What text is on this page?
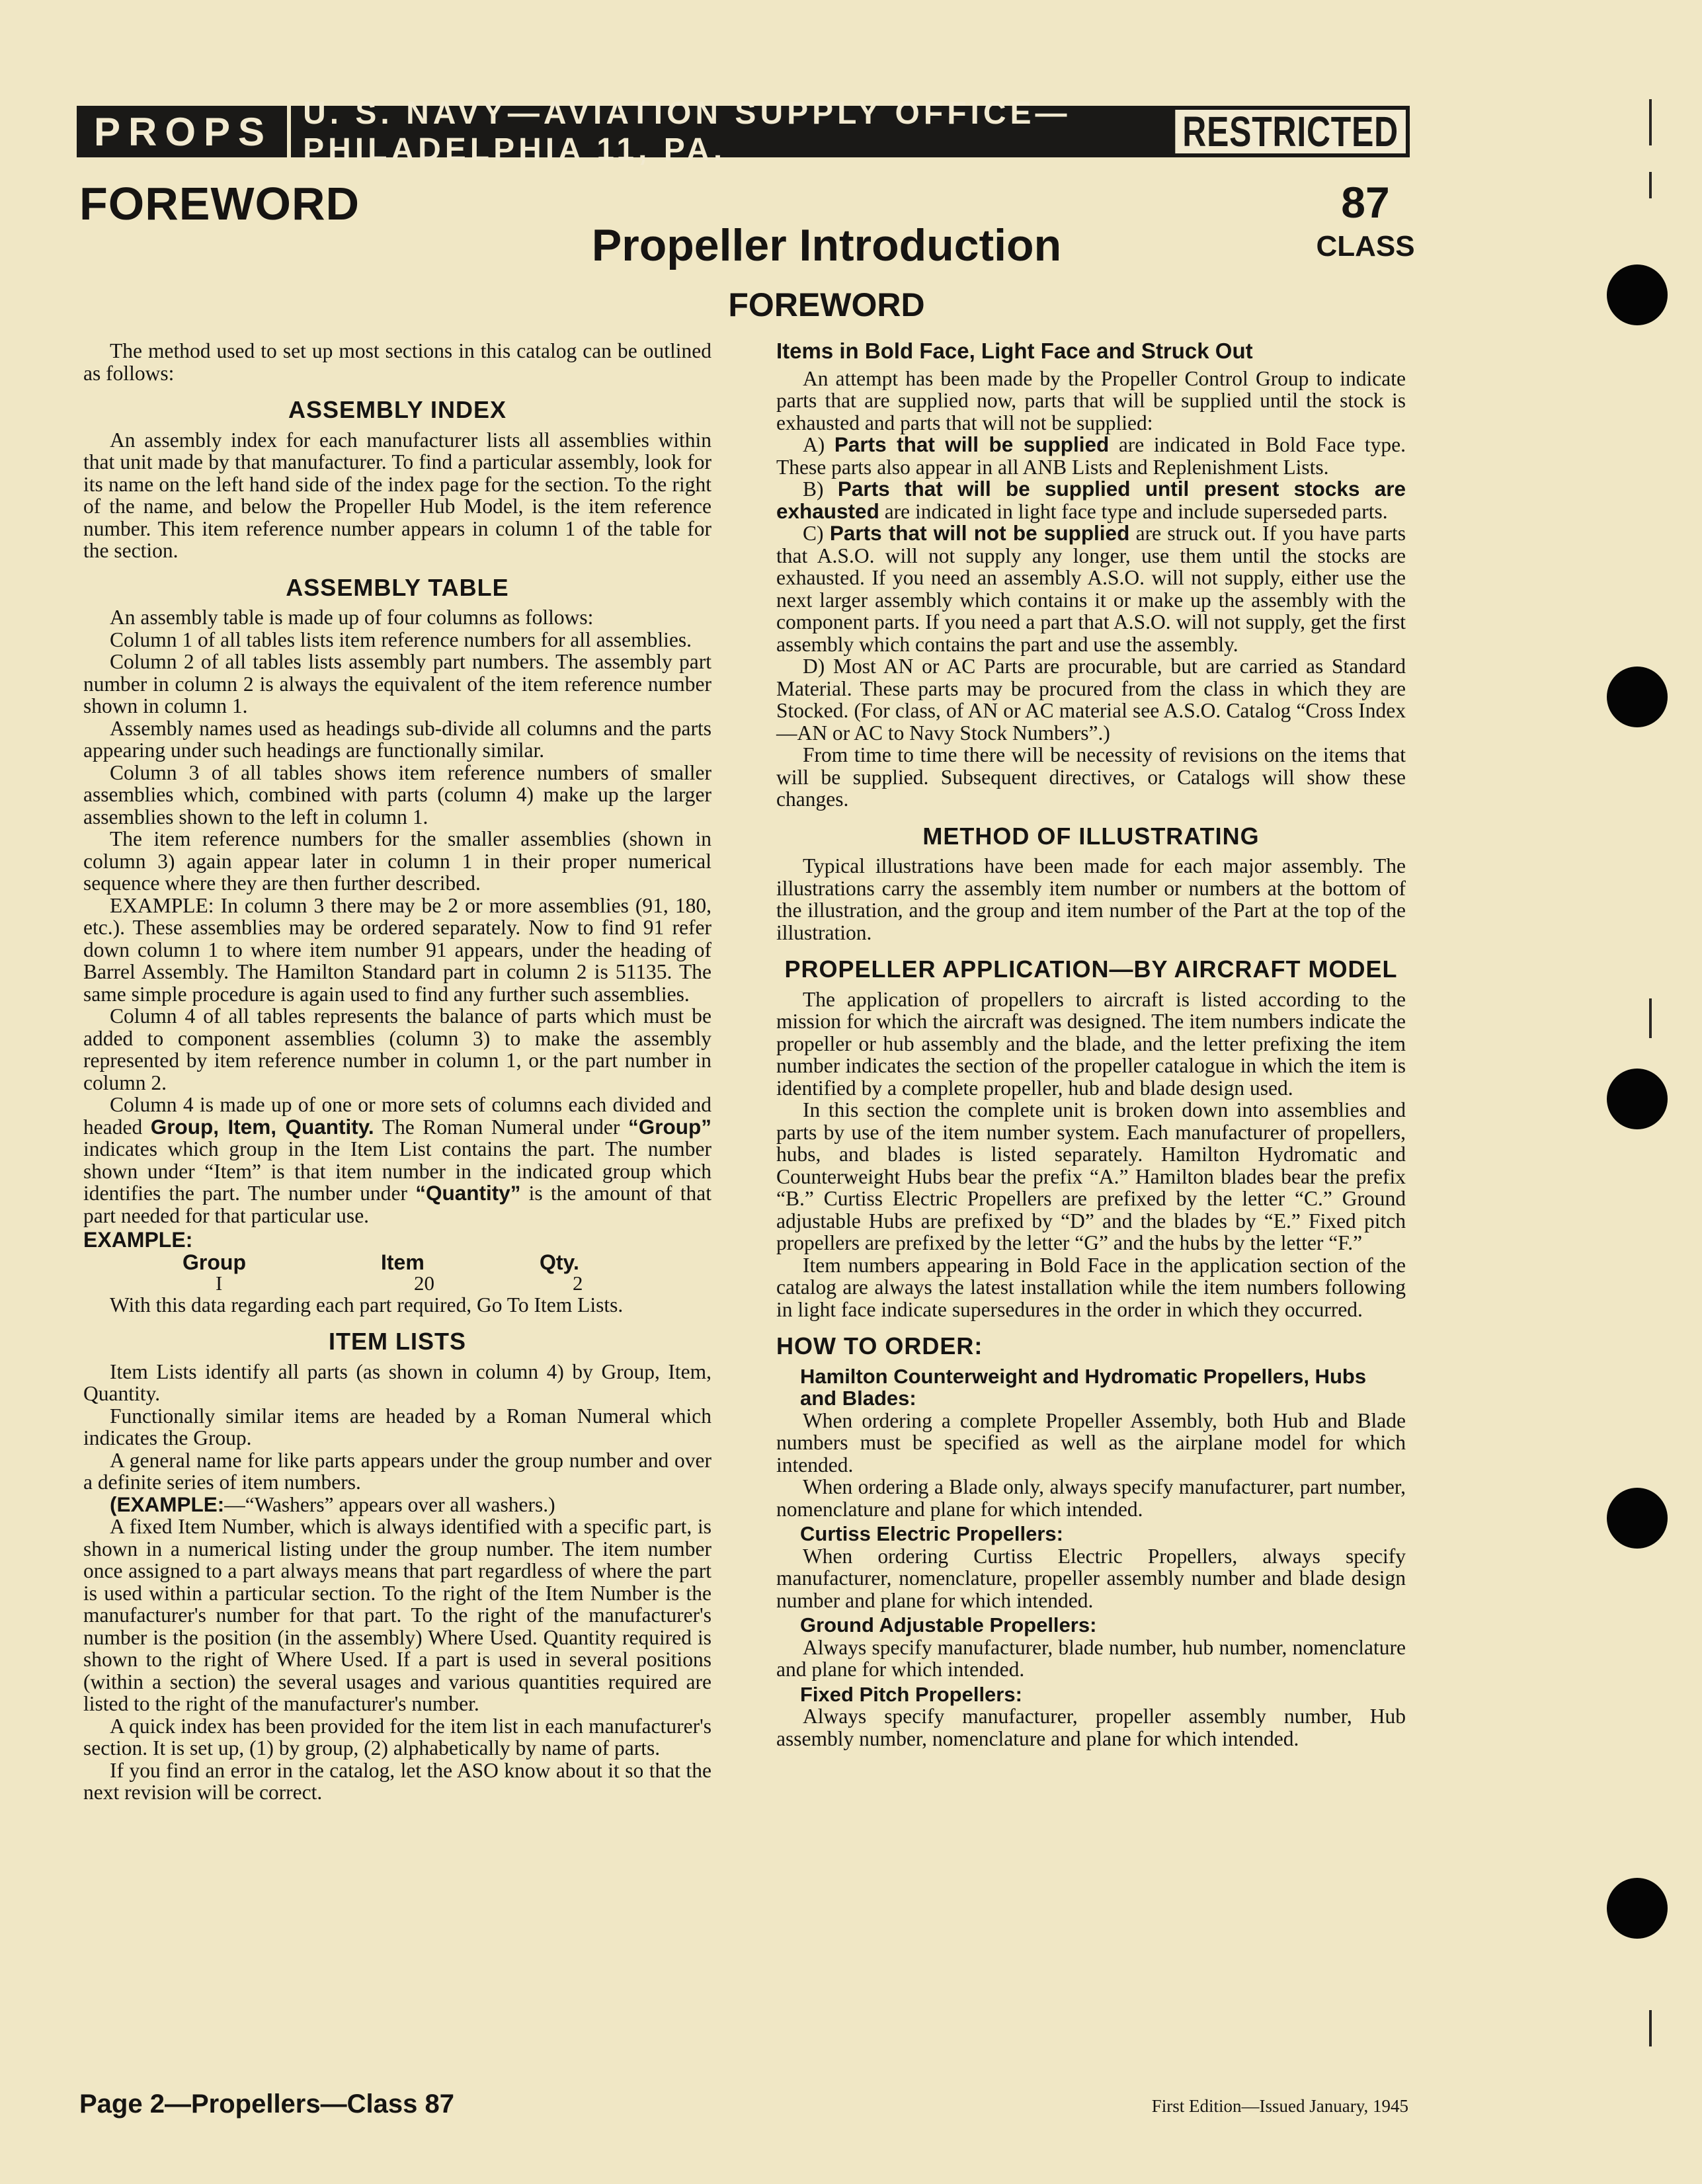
PROPS U. S. NAVY—AVIATION SUPPLY OFFICE—PHILADELPHIA 11, PA.	RESTRICTED
FOREWORD	87
CLASS
Propeller Introduction
FOREWORD

The method used to set up most sections in this catalog can be outlined as follows:

ASSEMBLY INDEX

An assembly index for each manufacturer lists all assemblies within that unit made by that manufacturer. To find a particular assembly, look for its name on the left hand side of the index page for the section. To the right of the name, and below the Propeller Hub Model, is the item reference number. This item reference number appears in column 1 of the table for the section.

ASSEMBLY TABLE

An assembly table is made up of four columns as follows:

Column 1 of all tables lists item reference numbers for all assemblies.

Column 2 of all tables lists assembly part numbers. The assembly part number in column 2 is always the equivalent of the item reference number shown in column 1.

Assembly names used as headings sub-divide all columns and the parts appearing under such headings are functionally similar.

Column 3 of all tables shows item reference numbers of smaller assemblies which, combined with parts (column 4) make up the larger assemblies shown to the left in column 1.

The item reference numbers for the smaller assemblies (shown in column 3) again appear later in column 1 in their proper numerical sequence where they are then further described.

EXAMPLE: In column 3 there may be 2 or more assemblies (91, 180, etc.). These assemblies may be ordered separately. Now to find 91 refer down column 1 to where item number 91 appears, under the heading of Barrel Assembly. The Hamilton Standard part in column 2 is 51135. The same simple procedure is again used to find any further such assemblies.

Column 4 of all tables represents the balance of parts which must be added to component assemblies (column 3) to make the assembly represented by item reference number in column 1, or the part number in column 2.

Column 4 is made up of one or more sets of columns each divided and headed Group, Item, Quantity. The Roman Numeral under “Group” indicates which group in the Item List contains the part. The number shown under “Item” is that item number in the indicated group which identifies the part. The number under “Quantity” is the amount of that part needed for that particular use.

EXAMPLE:
Group	Item	Qty.
I	20	2

With this data regarding each part required, Go To Item Lists.

ITEM LISTS

Item Lists identify all parts (as shown in column 4) by Group, Item, Quantity.

Functionally similar items are headed by a Roman Numeral which indicates the Group.

A general name for like parts appears under the group number and over a definite series of item numbers.

(EXAMPLE:—“Washers” appears over all washers.)

A fixed Item Number, which is always identified with a specific part, is shown in a numerical listing under the group number. The item number once assigned to a part always means that part regardless of where the part is used within a particular section. To the right of the Item Number is the manufacturer's number for that part. To the right of the manufacturer's number is the position (in the assembly) Where Used. Quantity required is shown to the right of Where Used. If a part is used in several positions (within a section) the several usages and various quantities required are listed to the right of the manufacturer's number.

A quick index has been provided for the item list in each manufacturer's section. It is set up, (1) by group, (2) alphabetically by name of parts.

If you find an error in the catalog, let the ASO know about it so that the next revision will be correct.

Items in Bold Face, Light Face and Struck Out

An attempt has been made by the Propeller Control Group to indicate parts that are supplied now, parts that will be supplied until the stock is exhausted and parts that will not be supplied:

A) Parts that will be supplied are indicated in Bold Face type. These parts also appear in all ANB Lists and Replenishment Lists.

B) Parts that will be supplied until present stocks are exhausted are indicated in light face type and include superseded parts.

C) Parts that will not be supplied are struck out. If you have parts that A.S.O. will not supply any longer, use them until the stocks are exhausted. If you need an assembly A.S.O. will not supply, either use the next larger assembly which contains it or make up the assembly with the component parts. If you need a part that A.S.O. will not supply, get the first assembly which contains the part and use the assembly.

D) Most AN or AC Parts are procurable, but are carried as Standard Material. These parts may be procured from the class in which they are Stocked. (For class, of AN or AC material see A.S.O. Catalog “Cross Index—AN or AC to Navy Stock Numbers”.)

From time to time there will be necessity of revisions on the items that will be supplied. Subsequent directives, or Catalogs will show these changes.

METHOD OF ILLUSTRATING

Typical illustrations have been made for each major assembly. The illustrations carry the assembly item number or numbers at the bottom of the illustration, and the group and item number of the Part at the top of the illustration.

PROPELLER APPLICATION—BY AIRCRAFT MODEL

The application of propellers to aircraft is listed according to the mission for which the aircraft was designed. The item numbers indicate the propeller or hub assembly and the blade, and the letter prefixing the item number indicates the section of the propeller catalogue in which the item is identified by a complete propeller, hub and blade design used.

In this section the complete unit is broken down into assemblies and parts by use of the item number system. Each manufacturer of propellers, hubs, and blades is listed separately. Hamilton Hydromatic and Counterweight Hubs bear the prefix “A.” Hamilton blades bear the prefix “B.” Curtiss Electric Propellers are prefixed by the letter “C.” Ground adjustable Hubs are prefixed by “D” and the blades by “E.” Fixed pitch propellers are prefixed by the letter “G” and the hubs by the letter “F.”

Item numbers appearing in Bold Face in the application section of the catalog are always the latest installation while the item numbers following in light face indicate supersedures in the order in which they occurred.

HOW TO ORDER:
Hamilton Counterweight and Hydromatic Propellers, Hubs and Blades:

When ordering a complete Propeller Assembly, both Hub and Blade numbers must be specified as well as the airplane model for which intended.

When ordering a Blade only, always specify manufacturer, part number, nomenclature and plane for which intended.

Curtiss Electric Propellers:

When ordering Curtiss Electric Propellers, always specify manufacturer, nomenclature, propeller assembly number and blade design number and plane for which intended.

Ground Adjustable Propellers:

Always specify manufacturer, blade number, hub number, nomenclature and plane for which intended.

Fixed Pitch Propellers:

Always specify manufacturer, propeller assembly number, Hub assembly number, nomenclature and plane for which intended.

Page 2—Propellers—Class 87	First Edition—Issued January, 1945
